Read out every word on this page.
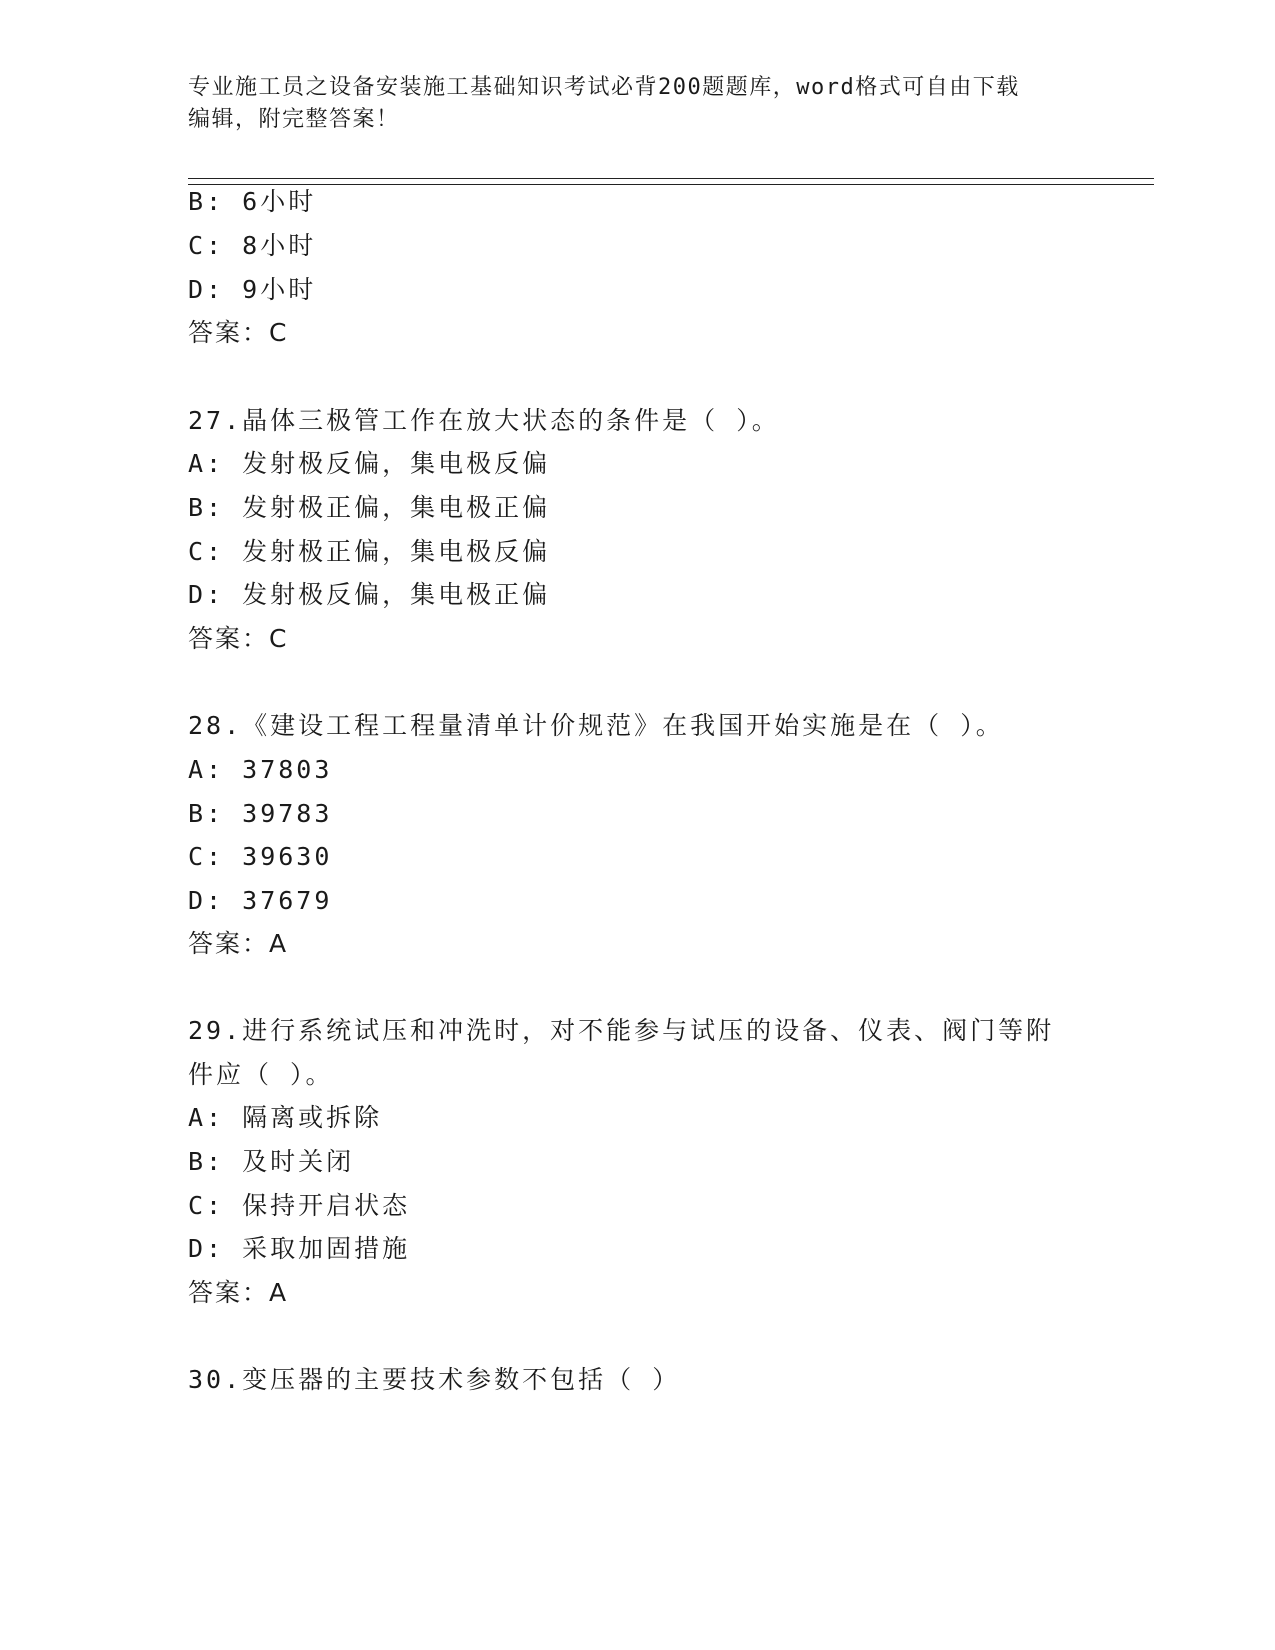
专业施工员之设备安装施工基础知识考试必背200题题库，word格式可自由下载
编辑，附完整答案！
B: 6小时
C: 8小时
D: 9小时
答案：C
27.晶体三极管工作在放大状态的条件是（ ）。
A: 发射极反偏，集电极反偏
B: 发射极正偏，集电极正偏
C: 发射极正偏，集电极反偏
D: 发射极反偏，集电极正偏
答案：C
28.《建设工程工程量清单计价规范》在我国开始实施是在（ ）。
A: 37803
B: 39783
C: 39630
D: 37679
答案：A
29.进行系统试压和冲洗时，对不能参与试压的设备、仪表、阀门等附
件应（ ）。
A: 隔离或拆除
B: 及时关闭
C: 保持开启状态
D: 采取加固措施
答案：A
30.变压器的主要技术参数不包括（ ）
